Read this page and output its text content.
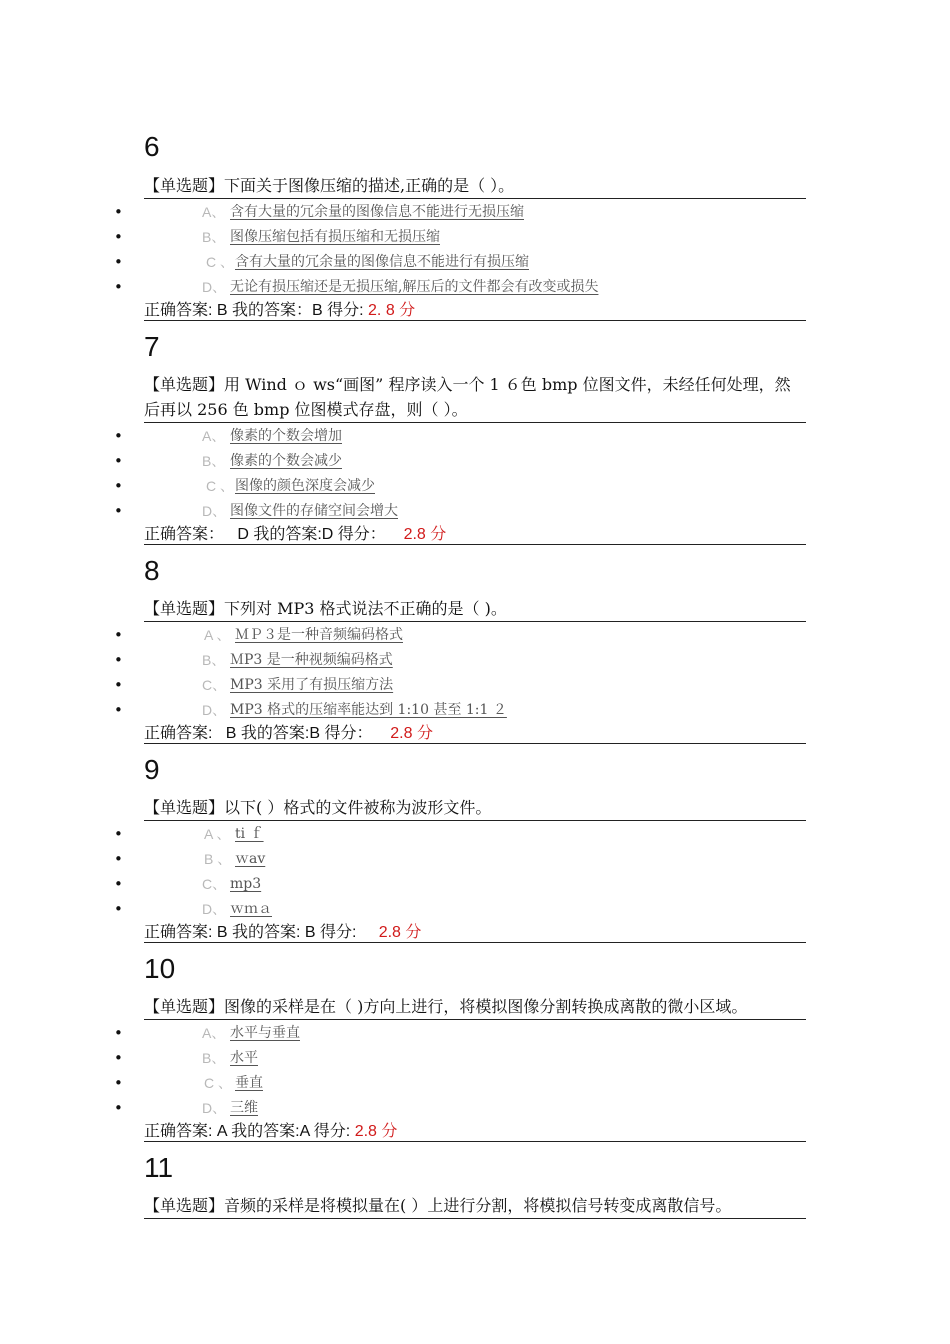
6
【单选题】下面关于图像压缩的描述,正确的是（ ）。
•	A、 含有大量的冗余量的图像信息不能进行无损压缩
•	B、 图像压缩包括有损压缩和无损压缩
•	C 、 含有大量的冗余量的图像信息不能进行有损压缩
•	D、 无论有损压缩还是无损压缩,解压后的文件都会有改变或损失
正确答案: B 我的答案：B 得分: 2. 8 分
7
【单选题】用 Wind ｏ ws“画图” 程序读入一个 1 ６色 bmp 位图文件，未经任何处理，然
后再以 256 色 bmp 位图模式存盘，则（ ）。
•	A、 像素的个数会增加
•	B、 像素的个数会减少
•	C 、 图像的颜色深度会减少
•	D、 图像文件的存储空间会增大
正确答案：   D 我的答案:D 得分：    2.8 分
8
【单选题】下列对 MP3 格式说法不正确的是（ )。
•	A 、 ＭＰ３是一种音频编码格式
•	B、 ＭP3 是一种视频编码格式
•	C、 MP3 采用了有损压缩方法
•	D、 MP3 格式的压缩率能达到 1:10 甚至 1:1 ２
正确答案:   B 我的答案:B 得分：    2.8 分
9
【单选题】以下( ）格式的文件被称为波形文件。
•	A 、 ti ｆ
•	B 、 ｗav
•	C、 mp3
•	D、 ｗｍａ
正确答案: B 我的答案: B 得分:     2.8 分
10
【单选题】图像的采样是在（ )方向上进行，将模拟图像分割转换成离散的微小区域。
•	A、 水平与垂直
•	B、 水平
•	C 、 垂直
•	D、 三维
正确答案: A 我的答案:A 得分: 2.8 分
11
【单选题】音频的采样是将模拟量在( ）上进行分割，将模拟信号转变成离散信号。
